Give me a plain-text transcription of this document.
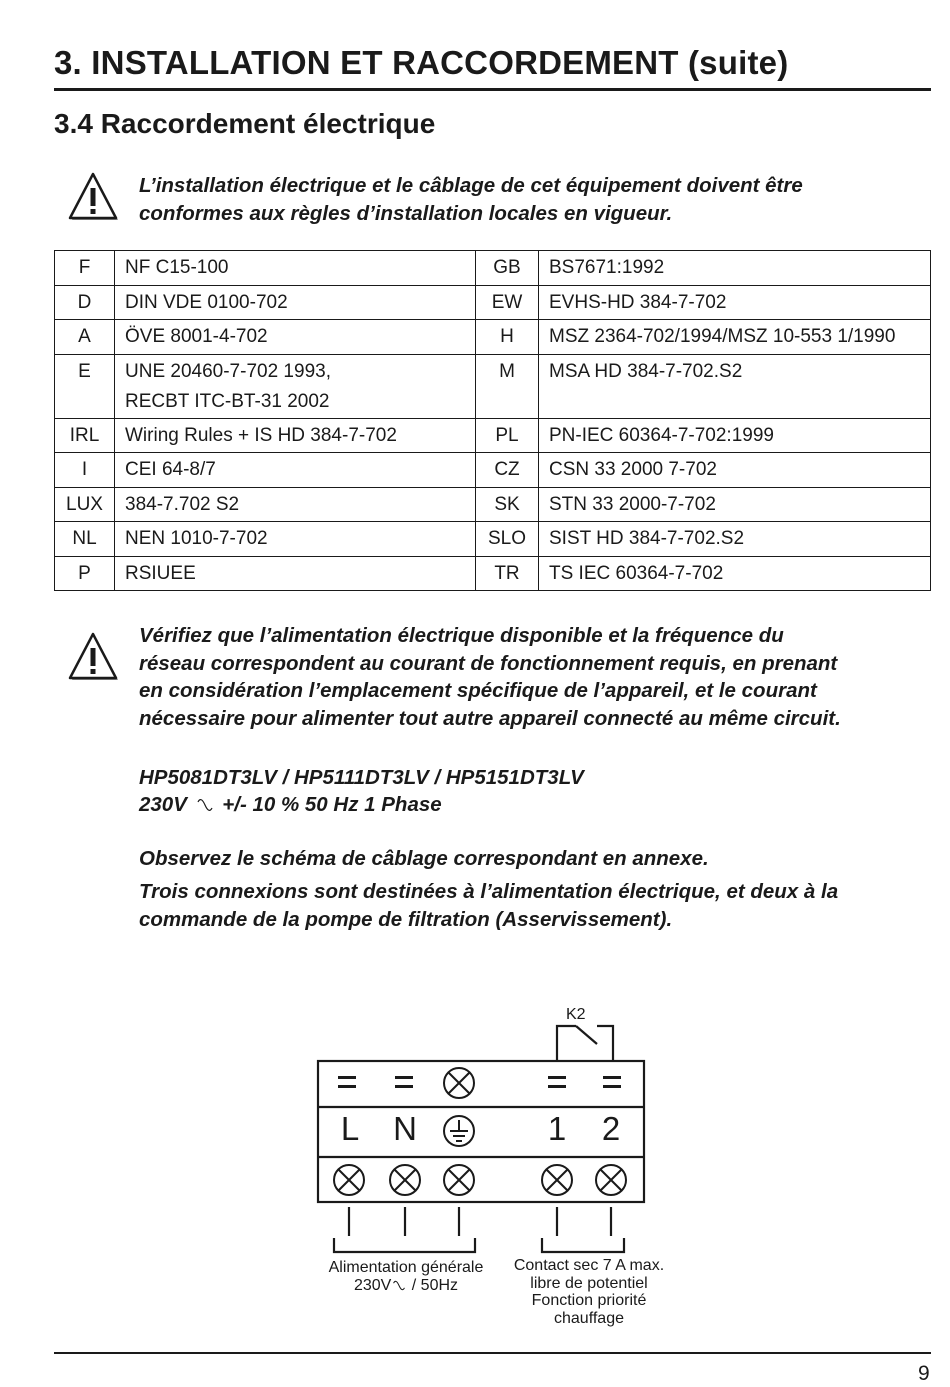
3. INSTALLATION ET RACCORDEMENT (suite)
3.4 Raccordement électrique
L’installation électrique et le câblage de cet équipement doivent être
conformes aux règles d’installation locales en vigueur.
F	NF C15-100	GB	BS7671:1992
D	DIN VDE 0100-702	EW	EVHS-HD 384-7-702
A	ÖVE 8001-4-702	H	MSZ 2364-702/1994/MSZ 10-553 1/1990
E	UNE 20460-7-702 1993,
RECBT ITC-BT-31 2002	M	MSA HD 384-7-702.S2
IRL	Wiring Rules + IS HD 384-7-702	PL	PN-IEC 60364-7-702:1999
I	CEI 64-8/7	CZ	CSN 33 2000 7-702
LUX	384-7.702 S2	SK	STN 33 2000-7-702
NL	NEN 1010-7-702	SLO	SIST HD 384-7-702.S2
P	RSIUEE	TR	TS IEC 60364-7-702
Vérifiez que l’alimentation électrique disponible et la fréquence du
réseau correspondent au courant de fonctionnement requis, en prenant
en considération l’emplacement spécifique de l’appareil, et le courant
nécessaire pour alimenter tout autre appareil connecté au même circuit.
HP5081DT3LV / HP5111DT3LV / HP5151DT3LV
230V +/- 10 % 50 Hz 1 Phase
Observez le schéma de câblage correspondant en annexe.
Trois connexions sont destinées à l’alimentation électrique, et deux à la
commande de la pompe de filtration (Asservissement).
L N	1 2
K2
Alimentation générale
230V / 50Hz
Contact sec 7 A max.
libre de potentiel
Fonction priorité
chauffage
9
